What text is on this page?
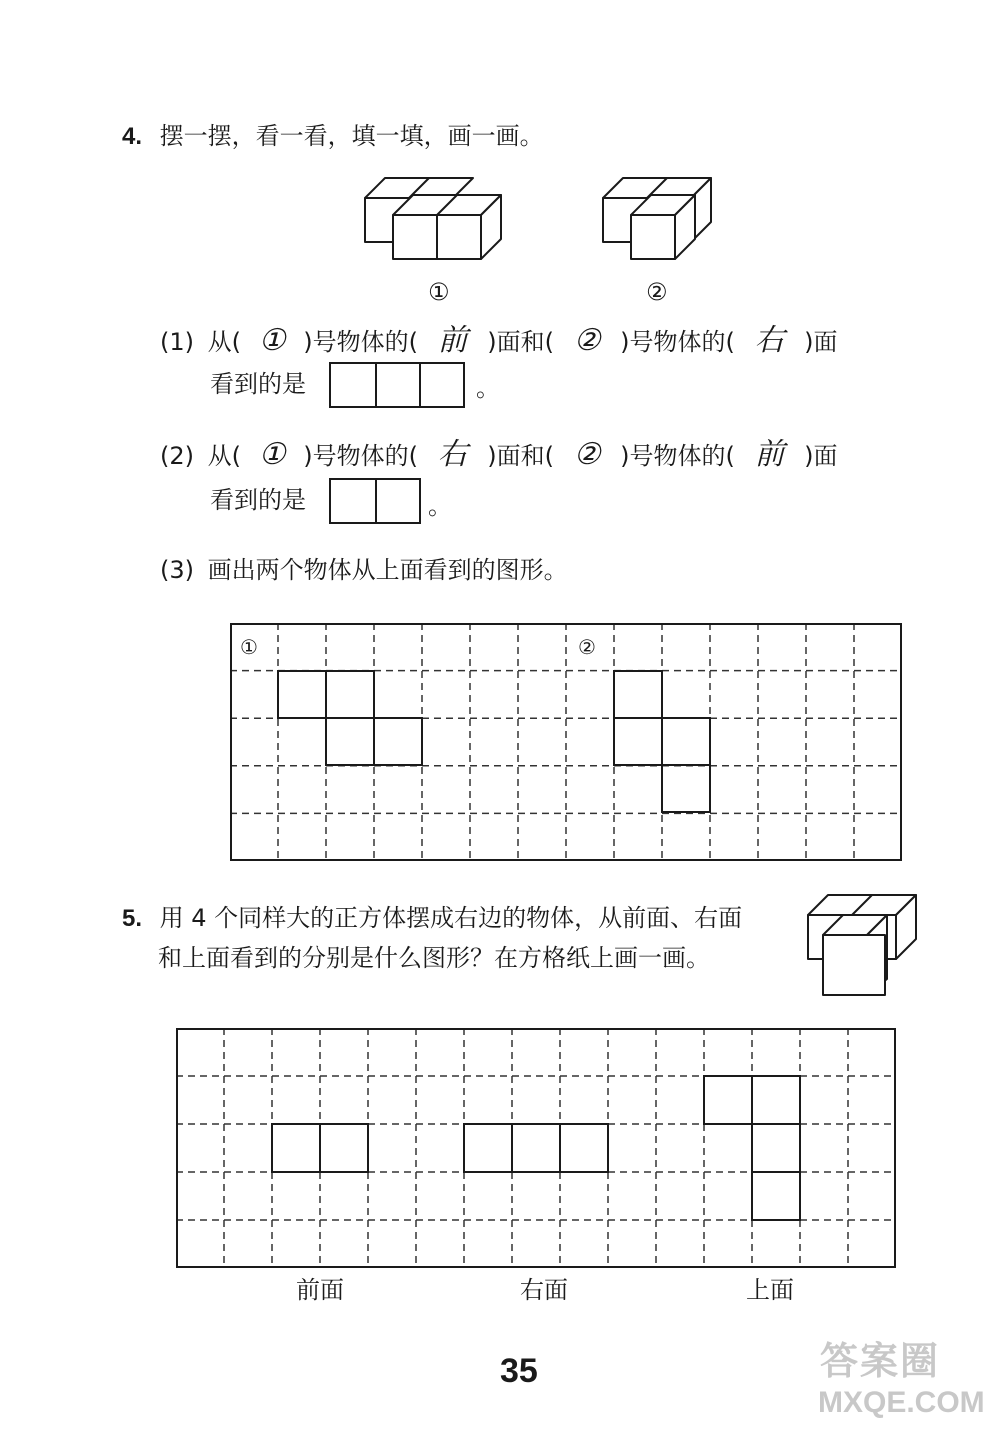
4. 摆一摆，看一看，填一填，画一画。
①	②
(1) 从( ① )号物体的( 前 )面和( ② )号物体的( 右 )面
看到的是	。
(2) 从( ① )号物体的( 右 )面和( ② )号物体的( 前 )面
看到的是	。
(3) 画出两个物体从上面看到的图形。
①	②
5. 用 4 个同样大的正方体摆成右边的物体，从前面、右面
和上面看到的分别是什么图形？在方格纸上画一画。
前面	右面	上面
35	答案圈
MXQE.COM
